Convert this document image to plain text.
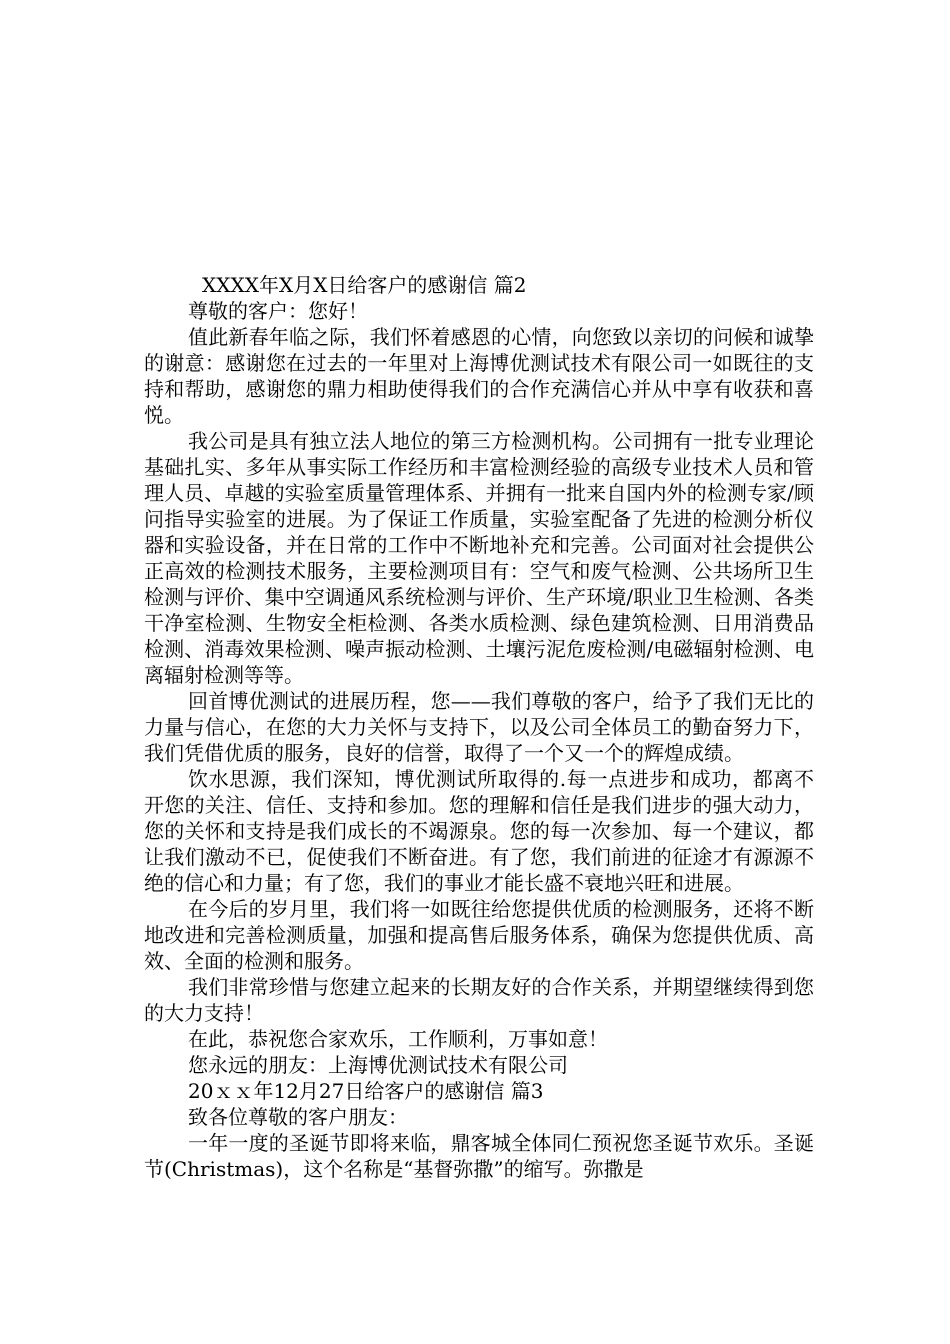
XXXX年X月X日给客户的感谢信 篇2

尊敬的客户：您好！

值此新春年临之际，我们怀着感恩的心情，向您致以亲切的问候和诚挚的谢意：感谢您在过去的一年里对上海博优测试技术有限公司一如既往的支持和帮助，感谢您的鼎力相助使得我们的合作充满信心并从中享有收获和喜悦。

我公司是具有独立法人地位的第三方检测机构。公司拥有一批专业理论基础扎实、多年从事实际工作经历和丰富检测经验的高级专业技术人员和管理人员、卓越的实验室质量管理体系、并拥有一批来自国内外的检测专家/顾问指导实验室的进展。为了保证工作质量，实验室配备了先进的检测分析仪器和实验设备，并在日常的工作中不断地补充和完善。公司面对社会提供公正高效的检测技术服务，主要检测项目有：空气和废气检测、公共场所卫生检测与评价、集中空调通风系统检测与评价、生产环境/职业卫生检测、各类干净室检测、生物安全柜检测、各类水质检测、绿色建筑检测、日用消费品检测、消毒效果检测、噪声振动检测、土壤污泥危废检测/电磁辐射检测、电离辐射检测等等。

回首博优测试的进展历程，您——我们尊敬的客户，给予了我们无比的力量与信心，在您的大力关怀与支持下，以及公司全体员工的勤奋努力下，我们凭借优质的服务，良好的信誉，取得了一个又一个的辉煌成绩。

饮水思源，我们深知，博优测试所取得的.每一点进步和成功，都离不开您的关注、信任、支持和参加。您的理解和信任是我们进步的强大动力，您的关怀和支持是我们成长的不竭源泉。您的每一次参加、每一个建议，都让我们激动不已，促使我们不断奋进。有了您，我们前进的征途才有源源不绝的信心和力量；有了您，我们的事业才能长盛不衰地兴旺和进展。

在今后的岁月里，我们将一如既往给您提供优质的检测服务，还将不断地改进和完善检测质量，加强和提高售后服务体系，确保为您提供优质、高效、全面的检测和服务。

我们非常珍惜与您建立起来的长期友好的合作关系，并期望继续得到您的大力支持！

在此，恭祝您合家欢乐，工作顺利，万事如意！

您永远的朋友：上海博优测试技术有限公司

20ｘｘ年12月27日给客户的感谢信 篇3

致各位尊敬的客户朋友：

一年一度的圣诞节即将来临，鼎客城全体同仁预祝您圣诞节欢乐。圣诞节(Christmas)，这个名称是“基督弥撒”的缩写。弥撒是
